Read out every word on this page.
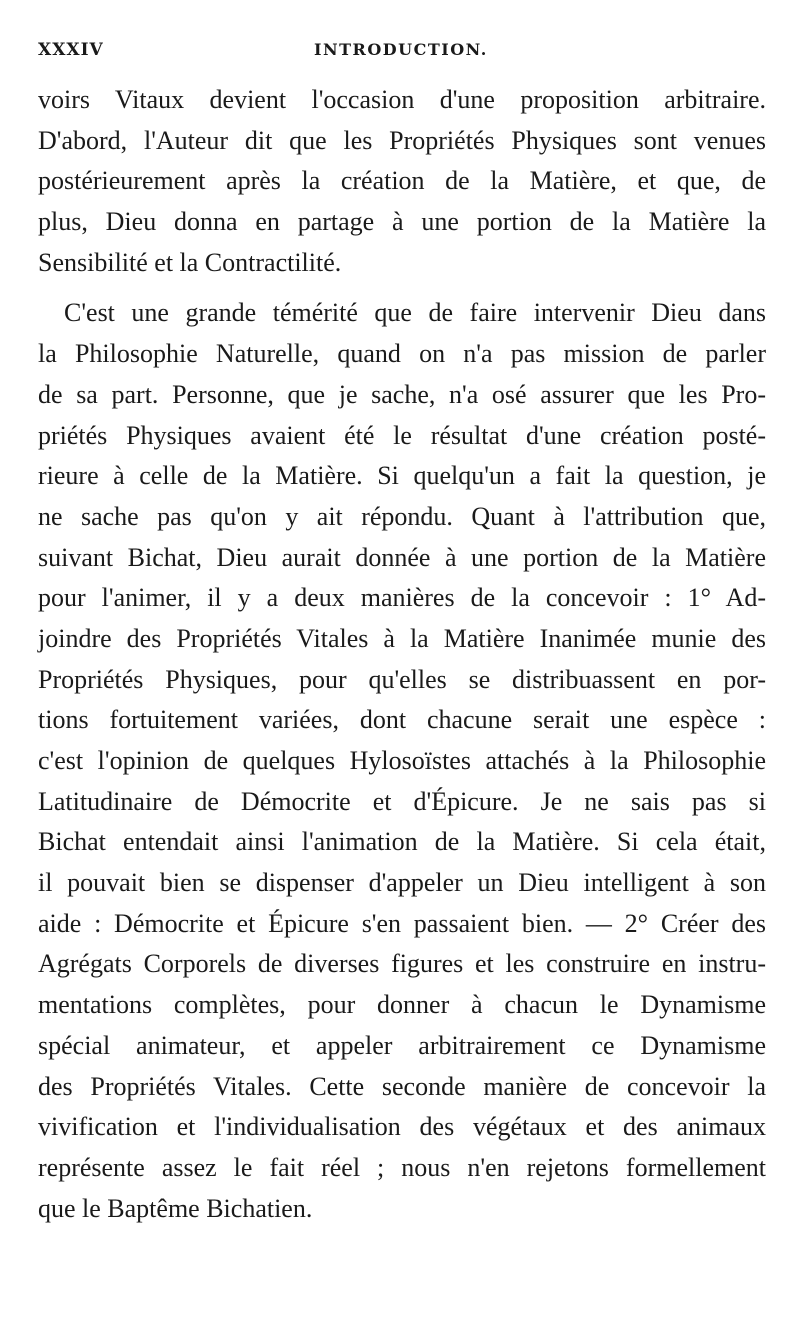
XXXIV	INTRODUCTION.
voirs Vitaux devient l'occasion d'une proposition arbitraire.
D'abord, l'Auteur dit que les Propriétés Physiques sont venues
postérieurement après la création de la Matière, et que, de
plus, Dieu donna en partage à une portion de la Matière la
Sensibilité et la Contractilité.
C'est une grande témérité que de faire intervenir Dieu dans
la Philosophie Naturelle, quand on n'a pas mission de parler
de sa part. Personne, que je sache, n'a osé assurer que les Pro-
priétés Physiques avaient été le résultat d'une création posté-
rieure à celle de la Matière. Si quelqu'un a fait la question, je
ne sache pas qu'on y ait répondu. Quant à l'attribution que,
suivant Bichat, Dieu aurait donnée à une portion de la Matière
pour l'animer, il y a deux manières de la concevoir : 1° Ad-
joindre des Propriétés Vitales à la Matière Inanimée munie des
Propriétés Physiques, pour qu'elles se distribuassent en por-
tions fortuitement variées, dont chacune serait une espèce :
c'est l'opinion de quelques Hylosoïstes attachés à la Philosophie
Latitudinaire de Démocrite et d'Épicure. Je ne sais pas si
Bichat entendait ainsi l'animation de la Matière. Si cela était,
il pouvait bien se dispenser d'appeler un Dieu intelligent à son
aide : Démocrite et Épicure s'en passaient bien. — 2° Créer des
Agrégats Corporels de diverses figures et les construire en instru-
mentations complètes, pour donner à chacun le Dynamisme
spécial animateur, et appeler arbitrairement ce Dynamisme
des Propriétés Vitales. Cette seconde manière de concevoir la
vivification et l'individualisation des végétaux et des animaux
représente assez le fait réel ; nous n'en rejetons formellement
que le Baptême Bichatien.
